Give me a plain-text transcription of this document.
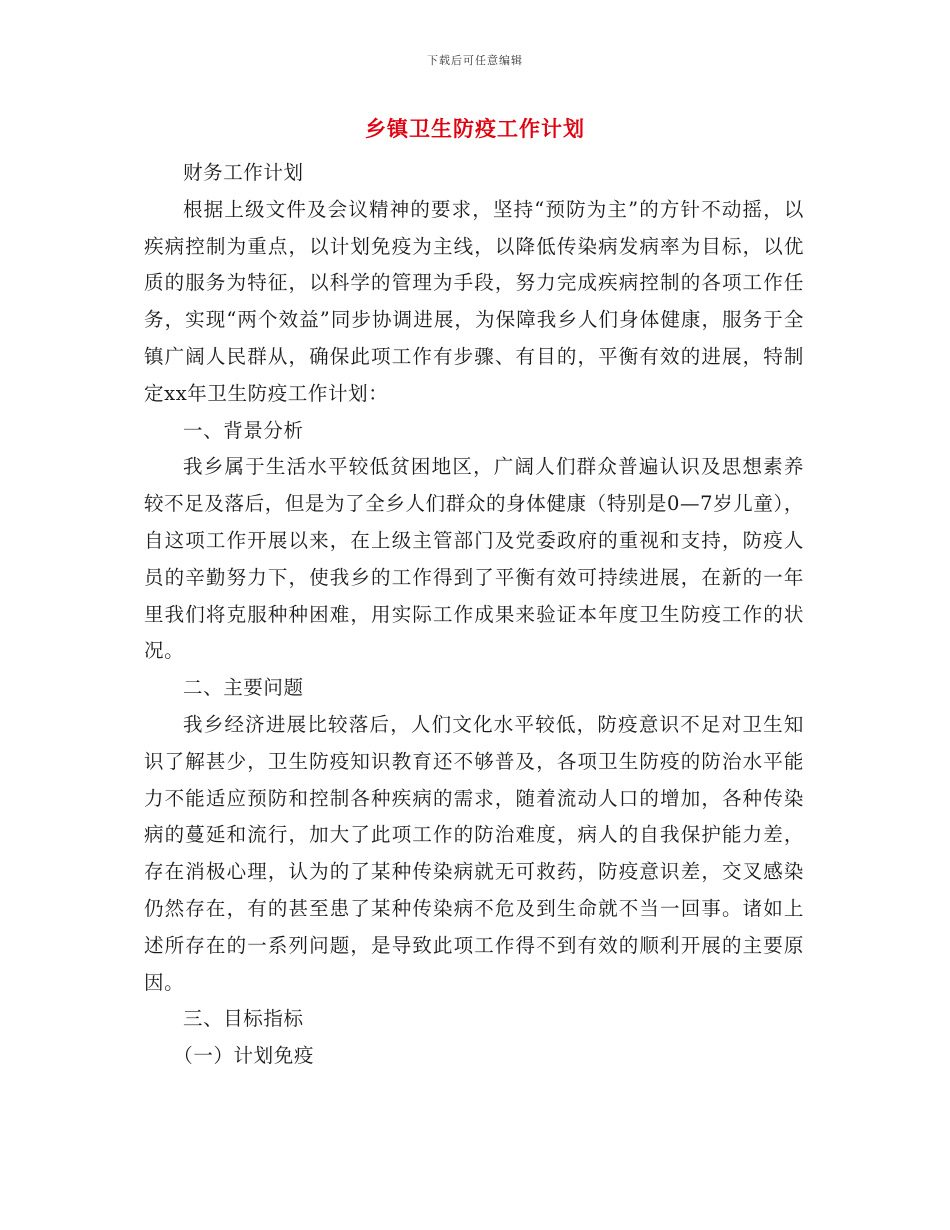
下载后可任意编辑
乡镇卫生防疫工作计划

财务工作计划

根据上级文件及会议精神的要求，坚持“预防为主”的方针不动摇，以疾病控制为重点，以计划免疫为主线，以降低传染病发病率为目标，以优质的服务为特征，以科学的管理为手段，努力完成疾病控制的各项工作任务，实现“两个效益”同步协调进展，为保障我乡人们身体健康，服务于全镇广阔人民群从，确保此项工作有步骤、有目的，平衡有效的进展，特制定xx年卫生防疫工作计划：

一、背景分析

我乡属于生活水平较低贫困地区，广阔人们群众普遍认识及思想素养较不足及落后，但是为了全乡人们群众的身体健康（特别是0—7岁儿童），自这项工作开展以来，在上级主管部门及党委政府的重视和支持，防疫人员的辛勤努力下，使我乡的工作得到了平衡有效可持续进展，在新的一年里我们将克服种种困难，用实际工作成果来验证本年度卫生防疫工作的状况。

二、主要问题

我乡经济进展比较落后，人们文化水平较低，防疫意识不足对卫生知识了解甚少，卫生防疫知识教育还不够普及，各项卫生防疫的防治水平能力不能适应预防和控制各种疾病的需求，随着流动人口的增加，各种传染病的蔓延和流行，加大了此项工作的防治难度，病人的自我保护能力差，存在消极心理，认为的了某种传染病就无可救药，防疫意识差，交叉感染仍然存在，有的甚至患了某种传染病不危及到生命就不当一回事。诸如上述所存在的一系列问题，是导致此项工作得不到有效的顺利开展的主要原因。

三、目标指标

（一）计划免疫
